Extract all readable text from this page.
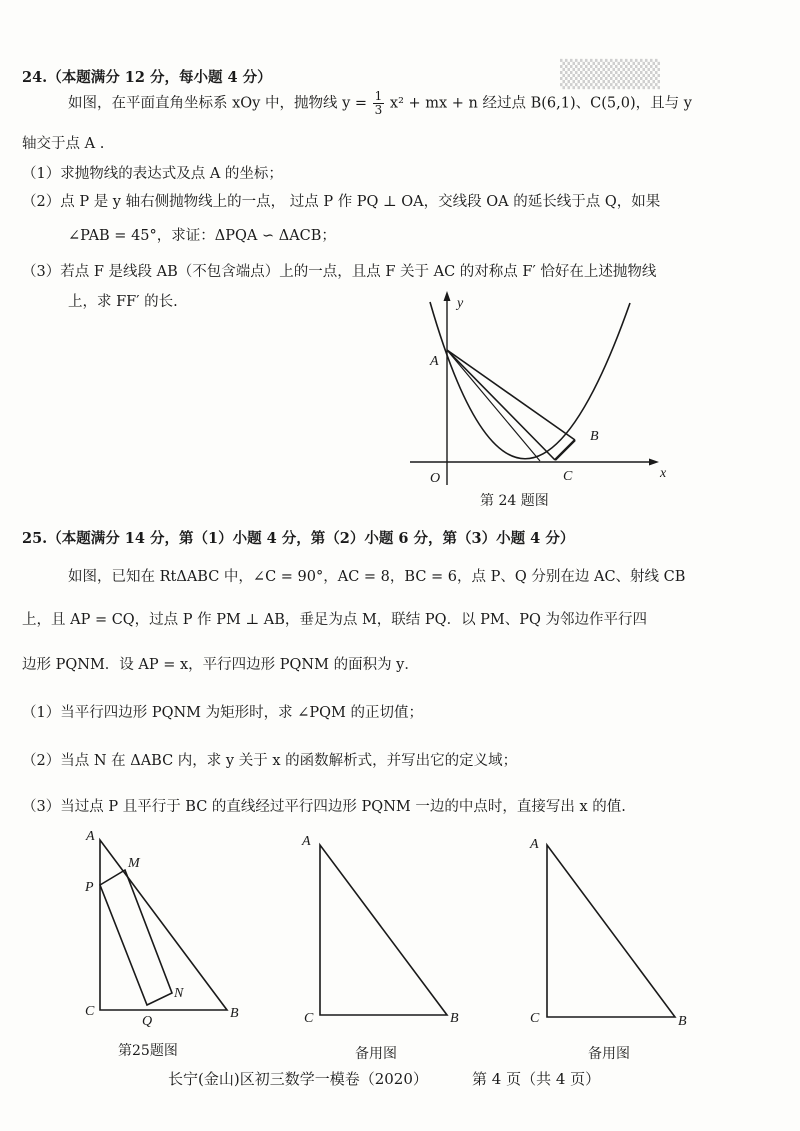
▒▒▒▒▒
24.（本题满分 12 分，每小题 4 分）
如图，在平面直角坐标系 xOy 中，抛物线 $y = \frac{1}{3} x^2$ + mx + n 经过点 B(6,1)、C(5,0)，且与 y
轴交于点 A .
（1）求抛物线的表达式及点 A 的坐标；
（2）点 P 是 y 轴右侧抛物线上的一点， 过点 P 作 PQ ⊥ OA，交线段 OA 的延长线于点 Q，如果
∠PAB = 45°，求证：ΔPQA ∽ ΔACB；
（3）若点 F 是线段 AB（不包含端点）上的一点，且点 F 关于 AC 的对称点 F′ 恰好在上述抛物线
上，求 FF′ 的长.	y
x
O
A
B
C
第 24 题图
25.（本题满分 14 分，第（1）小题 4 分，第（2）小题 6 分，第（3）小题 4 分）
如图，已知在 RtΔABC 中，∠C = 90°，AC = 8，BC = 6，点 P、Q 分别在边 AC、射线 CB
上，且 AP = CQ，过点 P 作 PM ⊥ AB，垂足为点 M，联结 PQ．以 PM、PQ 为邻边作平行四
边形 PQNM．设 AP = x，平行四边形 PQNM 的面积为 y．
（1）当平行四边形 PQNM 为矩形时，求 ∠PQM 的正切值；
（2）当点 N 在 ΔABC 内，求 y 关于 x 的函数解析式，并写出它的定义域；
（3）当过点 P 且平行于 BC 的直线经过平行四边形 PQNM 一边的中点时，直接写出 x 的值.
A
M
P
N
C
Q
B
第25题图
A
C	B
备用图
A
C	B
备用图
长宁(金山)区初三数学一模卷（2020）	第 4 页（共 4 页）
